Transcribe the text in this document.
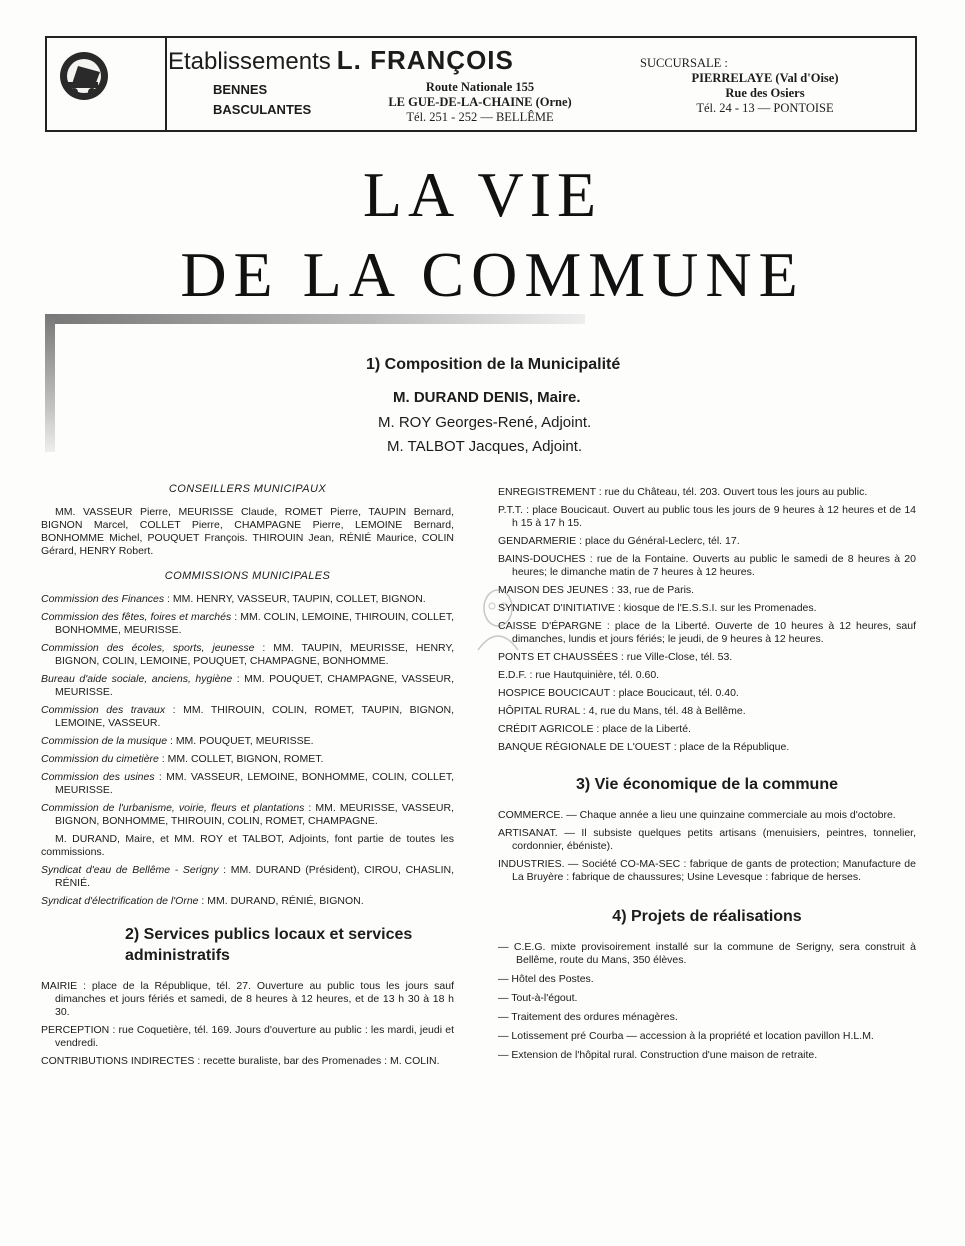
Etablissements L. FRANÇOIS
BENNES
BASCULANTES
Route Nationale 155
LE GUE-DE-LA-CHAINE (Orne)
Tél. 251 - 252 — BELLÊME
SUCCURSALE :
PIERRELAYE (Val d'Oise)
Rue des Osiers
Tél. 24 - 13 — PONTOISE
LA VIE
DE LA COMMUNE
1) Composition de la Municipalité
M. DURAND DENIS, Maire.
M. ROY Georges-René, Adjoint.
M. TALBOT Jacques, Adjoint.
CONSEILLERS MUNICIPAUX

MM. VASSEUR Pierre, MEURISSE Claude, ROMET Pierre, TAUPIN Bernard, BIGNON Marcel, COLLET Pierre, CHAMPAGNE Pierre, LEMOINE Bernard, BONHOMME Michel, POUQUET François. THIROUIN Jean, RÉNIÉ Maurice, COLIN Gérard, HENRY Robert.

COMMISSIONS MUNICIPALES

Commission des Finances : MM. HENRY, VASSEUR, TAUPIN, COLLET, BIGNON.

Commission des fêtes, foires et marchés : MM. COLIN, LEMOINE, THIROUIN, COLLET, BONHOMME, MEURISSE.

Commission des écoles, sports, jeunesse : MM. TAUPIN, MEURISSE, HENRY, BIGNON, COLIN, LEMOINE, POUQUET, CHAMPAGNE, BONHOMME.

Bureau d'aide sociale, anciens, hygiène : MM. POUQUET, CHAMPAGNE, VASSEUR, MEURISSE.

Commission des travaux : MM. THIROUIN, COLIN, ROMET, TAUPIN, BIGNON, LEMOINE, VASSEUR.

Commission de la musique : MM. POUQUET, MEURISSE.

Commission du cimetière : MM. COLLET, BIGNON, ROMET.

Commission des usines : MM. VASSEUR, LEMOINE, BONHOMME, COLIN, COLLET, MEURISSE.

Commission de l'urbanisme, voirie, fleurs et plantations : MM. MEURISSE, VASSEUR, BIGNON, BONHOMME, THIROUIN, COLIN, ROMET, CHAMPAGNE.

M. DURAND, Maire, et MM. ROY et TALBOT, Adjoints, font partie de toutes les commissions.

Syndicat d'eau de Bellême - Serigny : MM. DURAND (Président), CIROU, CHASLIN, RÉNIÉ.

Syndicat d'électrification de l'Orne : MM. DURAND, RÉNIÉ, BIGNON.

2) Services publics locaux et services administratifs

MAIRIE : place de la République, tél. 27. Ouverture au public tous les jours sauf dimanches et jours fériés et samedi, de 8 heures à 12 heures, et de 13 h 30 à 18 h 30.

PERCEPTION : rue Coquetière, tél. 169. Jours d'ouverture au public : les mardi, jeudi et vendredi.

CONTRIBUTIONS INDIRECTES : recette buraliste, bar des Promenades : M. COLIN.

ENREGISTREMENT : rue du Château, tél. 203. Ouvert tous les jours au public.

P.T.T. : place Boucicaut. Ouvert au public tous les jours de 9 heures à 12 heures et de 14 h 15 à 17 h 15.

GENDARMERIE : place du Général-Leclerc, tél. 17.

BAINS-DOUCHES : rue de la Fontaine. Ouverts au public le samedi de 8 heures à 20 heures; le dimanche matin de 7 heures à 12 heures.

MAISON DES JEUNES : 33, rue de Paris.

SYNDICAT D'INITIATIVE : kiosque de l'E.S.S.I. sur les Promenades.

CAISSE D'ÉPARGNE : place de la Liberté. Ouverte de 10 heures à 12 heures, sauf dimanches, lundis et jours fériés; le jeudi, de 9 heures à 12 heures.

PONTS ET CHAUSSÉES : rue Ville-Close, tél. 53.

E.D.F. : rue Hautquinière, tél. 0.60.

HOSPICE BOUCICAUT : place Boucicaut, tél. 0.40.

HÔPITAL RURAL : 4, rue du Mans, tél. 48 à Bellême.

CRÉDIT AGRICOLE : place de la Liberté.

BANQUE RÉGIONALE DE L'OUEST : place de la République.

3) Vie économique de la commune

COMMERCE. — Chaque année a lieu une quinzaine commerciale au mois d'octobre.

ARTISANAT. — Il subsiste quelques petits artisans (menuisiers, peintres, tonnelier, cordonnier, ébéniste).

INDUSTRIES. — Société CO-MA-SEC : fabrique de gants de protection; Manufacture de La Bruyère : fabrique de chaussures; Usine Levesque : fabrique de herses.

4) Projets de réalisations

— C.E.G. mixte provisoirement installé sur la commune de Serigny, sera construit à Bellême, route du Mans, 350 élèves.

— Hôtel des Postes.

— Tout-à-l'égout.

— Traitement des ordures ménagères.

— Lotissement pré Courba — accession à la propriété et location pavillon H.L.M.

— Extension de l'hôpital rural. Construction d'une maison de retraite.
